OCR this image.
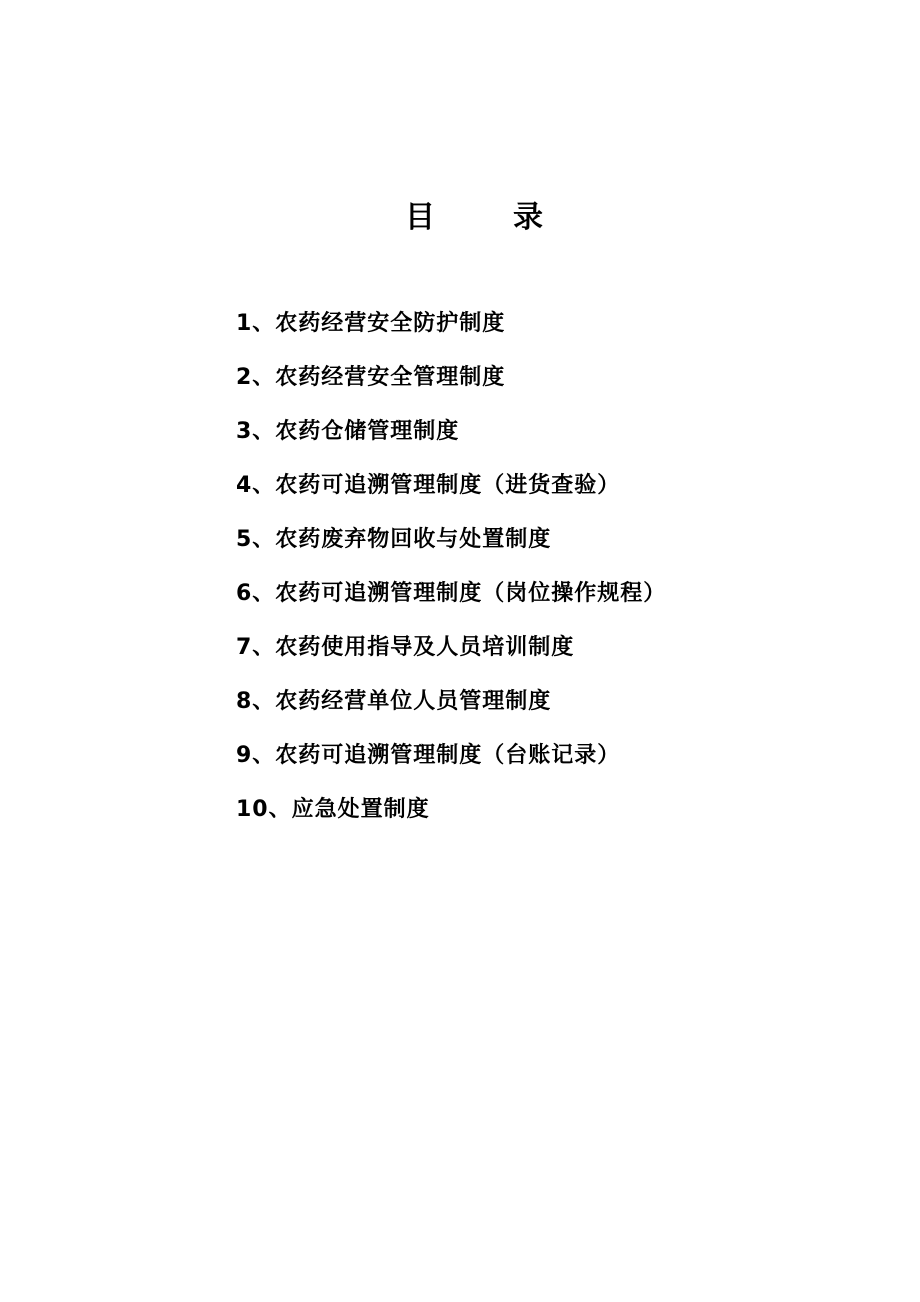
目	录
1、农药经营安全防护制度
2、农药经营安全管理制度
3、农药仓储管理制度
4、农药可追溯管理制度（进货查验）
5、农药废弃物回收与处置制度
6、农药可追溯管理制度（岗位操作规程）
7、农药使用指导及人员培训制度
8、农药经营单位人员管理制度
9、农药可追溯管理制度（台账记录）
10、应急处置制度
